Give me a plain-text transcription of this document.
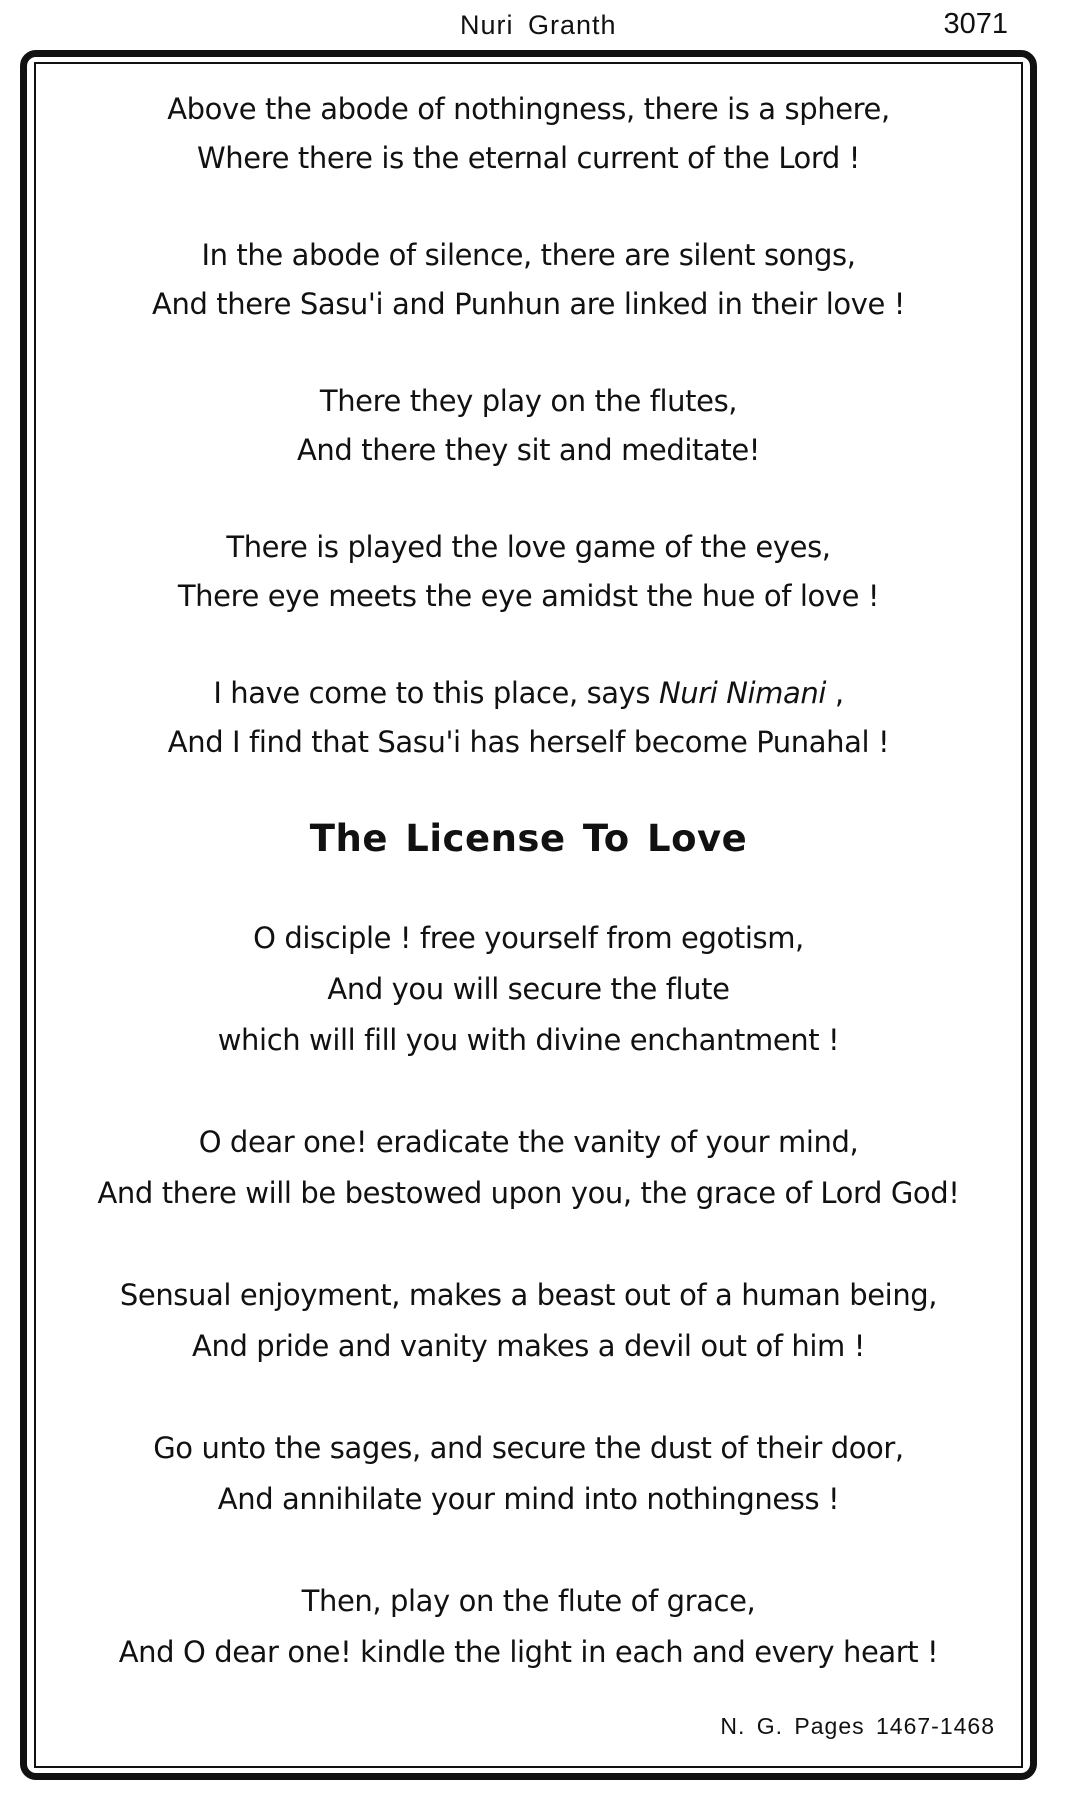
Nuri Granth	3071
Above the abode of nothingness, there is a sphere,
Where there is the eternal current of the Lord !
In the abode of silence, there are silent songs,
And there Sasu'i and Punhun are linked in their love !
There they play on the flutes,
And there they sit and meditate!
There is played the love game of the eyes,
There eye meets the eye amidst the hue of love !
I have come to this place, says Nuri Nimani ,
And I find that Sasu'i has herself become Punahal !
The License To Love
O disciple ! free yourself from egotism,
And you will secure the flute
which will fill you with divine enchantment !
O dear one! eradicate the vanity of your mind,
And there will be bestowed upon you, the grace of Lord God!
Sensual enjoyment, makes a beast out of a human being,
And pride and vanity makes a devil out of him !
Go unto the sages, and secure the dust of their door,
And annihilate your mind into nothingness !
Then, play on the flute of grace,
And O dear one! kindle the light in each and every heart !
N. G. Pages 1467-1468
